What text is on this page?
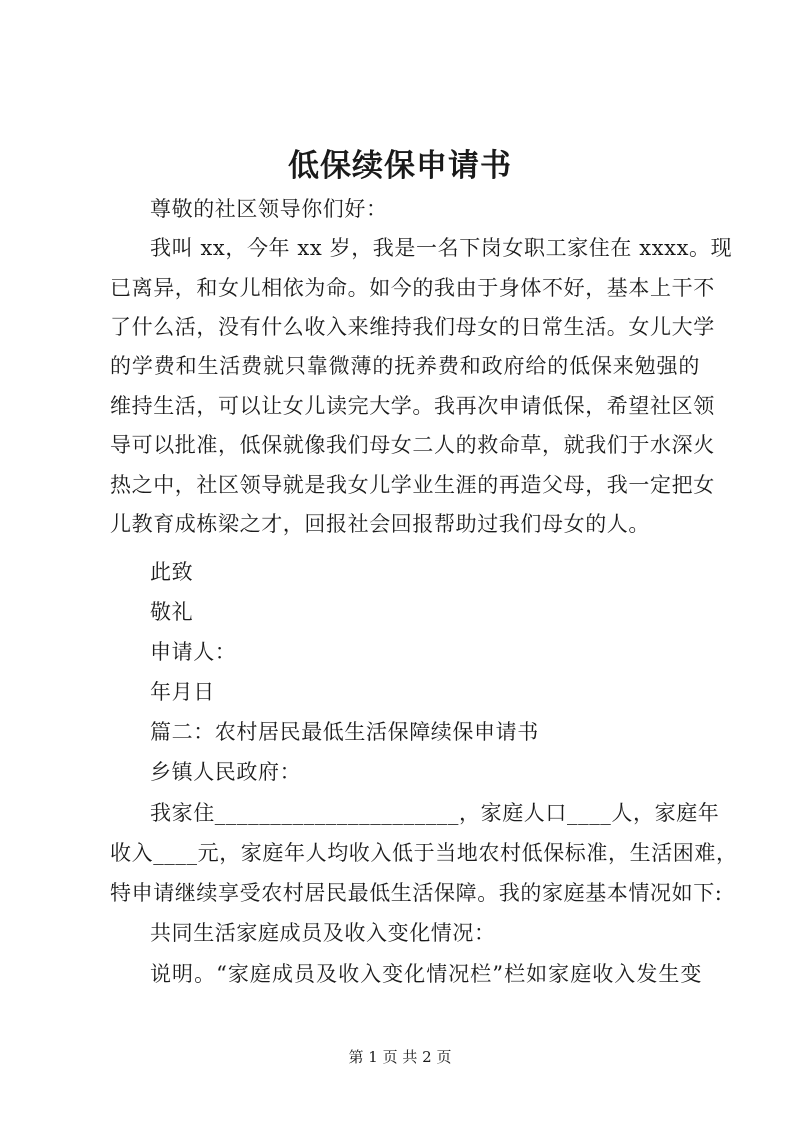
低保续保申请书
尊敬的社区领导你们好：
我叫 xx，今年 xx 岁，我是一名下岗女职工家住在 xxxx。现
已离异，和女儿相依为命。如今的我由于身体不好，基本上干不
了什么活，没有什么收入来维持我们母女的日常生活。女儿大学
的学费和生活费就只靠微薄的抚养费和政府给的低保来勉强的
维持生活，可以让女儿读完大学。我再次申请低保，希望社区领
导可以批准，低保就像我们母女二人的救命草，就我们于水深火
热之中，社区领导就是我女儿学业生涯的再造父母，我一定把女
儿教育成栋梁之才，回报社会回报帮助过我们母女的人。
此致
敬礼
申请人：
年月日
篇二：农村居民最低生活保障续保申请书
乡镇人民政府：
我家住______________________，家庭人口____人，家庭年
收入____元，家庭年人均收入低于当地农村低保标准，生活困难，
特申请继续享受农村居民最低生活保障。我的家庭基本情况如下:
共同生活家庭成员及收入变化情况：
说明。“家庭成员及收入变化情况栏”栏如家庭收入发生变
第 1 页 共 2 页
